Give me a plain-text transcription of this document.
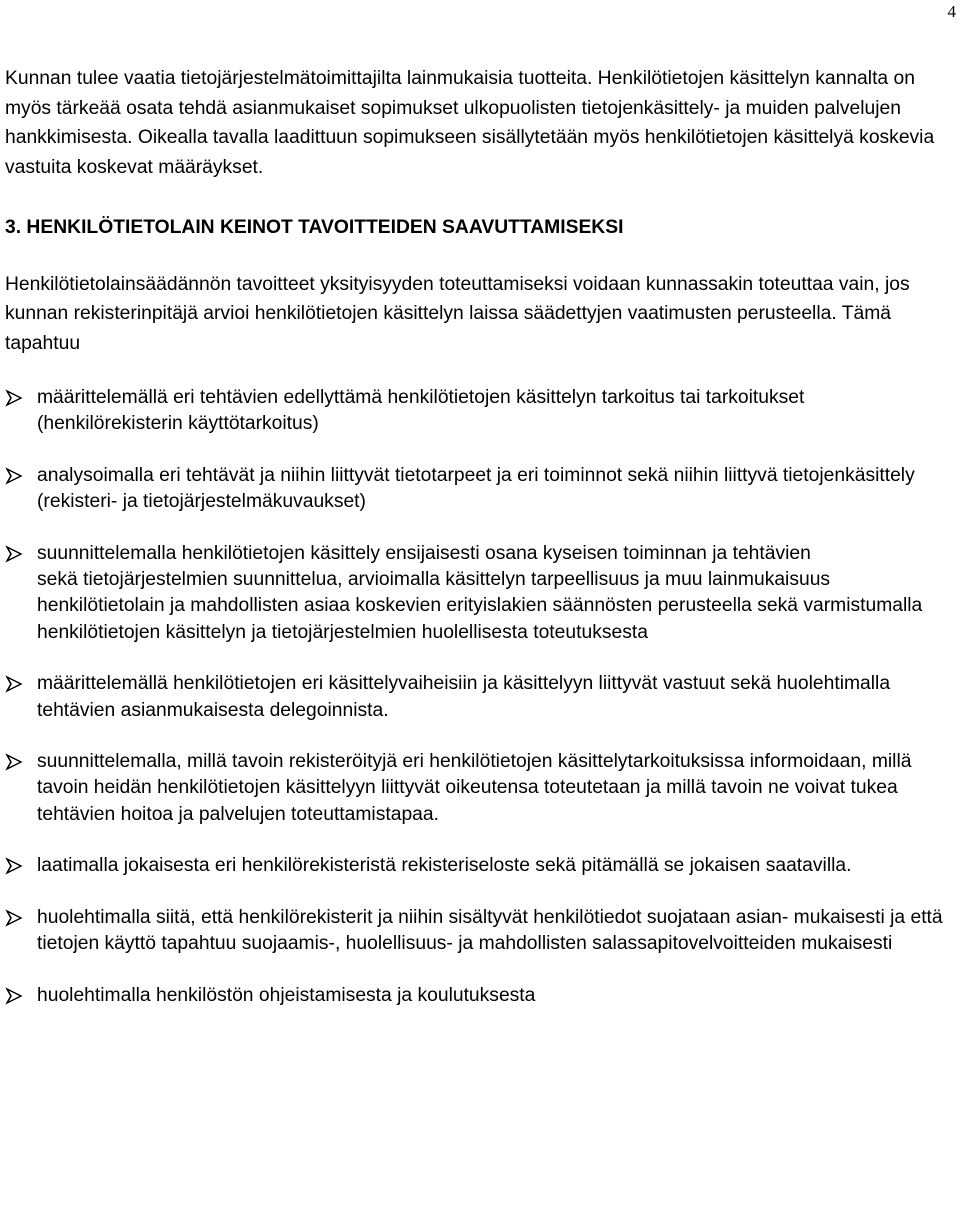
4

Kunnan tulee vaatia tietojärjestelmätoimittajilta lainmukaisia tuotteita. Henkilötietojen käsittelyn kannalta on myös tärkeää osata tehdä asianmukaiset sopimukset ulkopuolisten tietojenkäsittely- ja muiden palvelujen hankkimisesta. Oikealla tavalla laadittuun sopimukseen sisällytetään myös henkilötietojen käsittelyä koskevia vastuita koskevat määräykset.

3. HENKILÖTIETOLAIN KEINOT TAVOITTEIDEN SAAVUTTAMISEKSI

Henkilötietolainsäädännön tavoitteet yksityisyyden toteuttamiseksi voidaan kunnassakin toteuttaa vain, jos kunnan rekisterinpitäjä arvioi henkilötietojen käsittelyn laissa säädettyjen vaatimusten perusteella. Tämä tapahtuu

määrittelemällä eri tehtävien edellyttämä henkilötietojen käsittelyn tarkoitus tai tarkoitukset (henkilörekisterin käyttötarkoitus)

analysoimalla eri tehtävät ja niihin liittyvät tietotarpeet ja eri toiminnot sekä niihin liittyvä tietojenkäsittely (rekisteri- ja tietojärjestelmäkuvaukset)

suunnittelemalla henkilötietojen käsittely ensijaisesti osana kyseisen toiminnan ja tehtävien

sekä tietojärjestelmien suunnittelua, arvioimalla käsittelyn tarpeellisuus ja muu lainmukaisuus henkilötietolain ja mahdollisten asiaa koskevien erityislakien säännösten perusteella sekä varmistumalla henkilötietojen käsittelyn ja tietojärjestelmien huolellisesta toteutuksesta

määrittelemällä henkilötietojen eri käsittelyvaiheisiin ja käsittelyyn liittyvät vastuut sekä huolehtimalla tehtävien asianmukaisesta delegoinnista.

suunnittelemalla, millä tavoin rekisteröityjä eri henkilötietojen käsittelytarkoituksissa informoidaan, millä tavoin heidän henkilötietojen käsittelyyn liittyvät oikeutensa toteutetaan ja millä tavoin ne voivat tukea tehtävien hoitoa ja palvelujen toteuttamistapaa.

laatimalla jokaisesta eri henkilörekisteristä rekisteriseloste sekä pitämällä se jokaisen saatavilla.

huolehtimalla siitä, että henkilörekisterit ja niihin sisältyvät henkilötiedot suojataan asian- mukaisesti ja että tietojen käyttö tapahtuu suojaamis-, huolellisuus- ja mahdollisten salassapitovelvoitteiden mukaisesti

huolehtimalla henkilöstön ohjeistamisesta ja koulutuksesta
